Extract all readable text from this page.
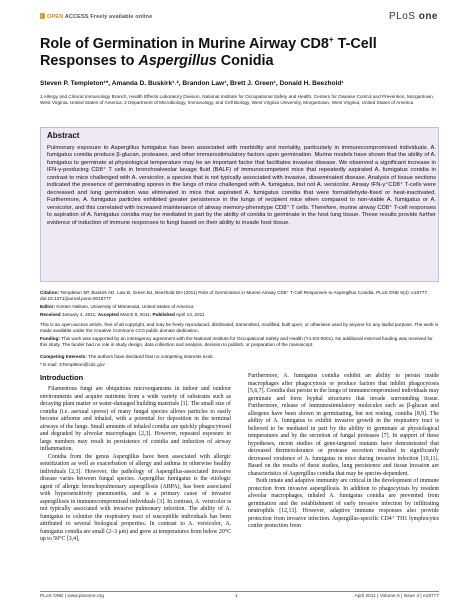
OPEN ACCESS Freely available online	PLoS one
Role of Germination in Murine Airway CD8+ T-Cell
Responses to Aspergillus Conidia
Steven P. Templeton¹*, Amanda D. Buskirk¹˒², Brandon Law¹, Brett J. Green¹, Donald H. Beezhold¹
1 Allergy and Clinical Immunology Branch, Health Effects Laboratory Division, National Institute for Occupational Safety and Health, Centers for Disease Control and Prevention, Morgantown, West Virginia, United States of America, 2 Department of Microbiology, Immunology, and Cell Biology, West Virginia University, Morgantown, West Virginia, United States of America
Abstract
Pulmonary exposure to Aspergillus fumigatus has been associated with morbidity and mortality, particularly in immunocompromised individuals. A. fumigatus conidia produce β-glucan, proteases, and other immunostimulatory factors upon germination. Murine models have shown that the ability of A. fumigatus to germinate at physiological temperature may be an important factor that facilitates invasive disease. We observed a significant increase in IFN-γ-producing CD8⁺ T cells in bronchoalveolar lavage fluid (BALF) of immunocompetent mice that repeatedly aspirated A. fumigatus conidia in contrast to mice challenged with A. versicolor, a species that is not typically associated with invasive, disseminated disease. Analysis of tissue sections indicated the presence of germinating spores in the lungs of mice challenged with A. fumigatus, but not A. versicolor. Airway IFN-γ⁺CD8⁺ T-cells were decreased and lung germination was eliminated in mice that aspirated A. fumigatus conidia that were formaldehyde-fixed or heat-inactivated. Furthermore, A. fumigatus particles exhibited greater persistence in the lungs of recipient mice when compared to non-viable A. fumigatus or A. versicolor, and this correlated with increased maintenance of airway memory-phenotype CD8⁺ T cells. Therefore, murine airway CD8⁺ T-cell responses to aspiration of A. fumigatus conidia may be mediated in part by the ability of conidia to germinate in the host lung tissue. These results provide further evidence of induction of immune responses to fungi based on their ability to invade host tissue.
Citation: Templeton SP, Buskirk AD, Law B, Green BJ, Beezhold DH (2011) Role of Germination in Murine Airway CD8⁺ T-Cell Responses to Aspergillus Conidia. PLoS ONE 6(4): e18777. doi:10.1371/journal.pone.0018777
Editor: Kirsten Nielsen, University of Minnesota, United States of America
Received January 4, 2011; Accepted March 9, 2011; Published April 13, 2011
This is an open-access article, free of all copyright, and may be freely reproduced, distributed, transmitted, modified, built upon, or otherwise used by anyone for any lawful purpose. The work is made available under the Creative Commons CC0 public domain dedication.
Funding: This work was supported by an interagency agreement with the National Institute for Occupational Safety and Health (Y1-ES-0001). No additional external funding was received for this study. The funder had no role in study design, data collection and analysis, decision to publish, or preparation of the manuscript.
Competing Interests: The authors have declared that no competing interests exist.
* E-mail: STempleton@cdc.gov
Introduction

Filamentous fungi are ubiquitous microorganisms in indoor and outdoor environments and acquire nutrients from a wide variety of substrates such as decaying plant matter or water-damaged building materials [1]. The small size of conidia (i.e. asexual spores) of many fungal species allows particles to easily become airborne and inhaled, with a potential for deposition in the terminal airways of the lungs. Small amounts of inhaled conidia are quickly phagocytosed and degraded by alveolar macrophages [2,3]. However, repeated exposure to large numbers may result in persistence of conidia and induction of airway inflammation.

Conidia from the genus Aspergillus have been associated with allergic sensitization as well as exacerbation of allergy and asthma in otherwise healthy individuals [2,3]. However, the pathology of Aspergillus-associated invasive disease varies between fungal species. Aspergillus fumigatus is the etiologic agent of allergic bronchopulmonary aspergillosis (ABPA), has been associated with hypersensitivity pneumonitis, and is a primary cause of invasive aspergillosis in immunocompromised individuals [3]. In contrast, A. versicolor is not typically associated with invasive pulmonary infection. The ability of A. fumigatus to colonize the respiratory tract of susceptible individuals has been attributed to several biological properties. In contrast to A. versicolor, A. fumigatus conidia are small (2–3 μm) and grow at temperatures from below 20°C up to 50°C [3,4],

Furthermore, A. fumigatus conidia exhibit an ability to persist inside macrophages after phagocytosis or produce factors that inhibit phagocytosis [5,6,7]. Conidia that persist in the lungs of immunocompromised individuals may germinate and form hyphal structures that invade surrounding tissue. Furthermore, release of immunostimulatory molecules such as β-glucan and allergens have been shown in germinating, but not resting, conidia [8,9]. The ability of A. fumigatus to exhibit invasive growth in the respiratory tract is believed to be mediated in part by the ability to germinate at physiological temperatures and by the secretion of fungal proteases [7]. In support of these hypotheses, recent studies of gene-targeted mutants have demonstrated that decreased thermotolerance or protease secretion resulted in significantly decreased virulence of A. fumigatus in mice during invasive infection [10,11]. Based on the results of these studies, lung persistence and tissue invasion are characteristics of Aspergillus conidia that may be species-dependent.

Both innate and adaptive immunity are critical in the development of immune protection from invasive aspergillosis. In addition to phagocytosis by resident alveolar macrophages, inhaled A. fumigatus conidia are prevented from germination and the establishment of early invasive infection by infiltrating neutrophils [12,13]. However, adaptive immune responses also provide protection from invasive infection. Aspergillus-specific CD4⁺ TH1 lymphocytes confer protection from

PLoS ONE | www.plosone.org	1	April 2011 | Volume 6 | Issue 4 | e18777
